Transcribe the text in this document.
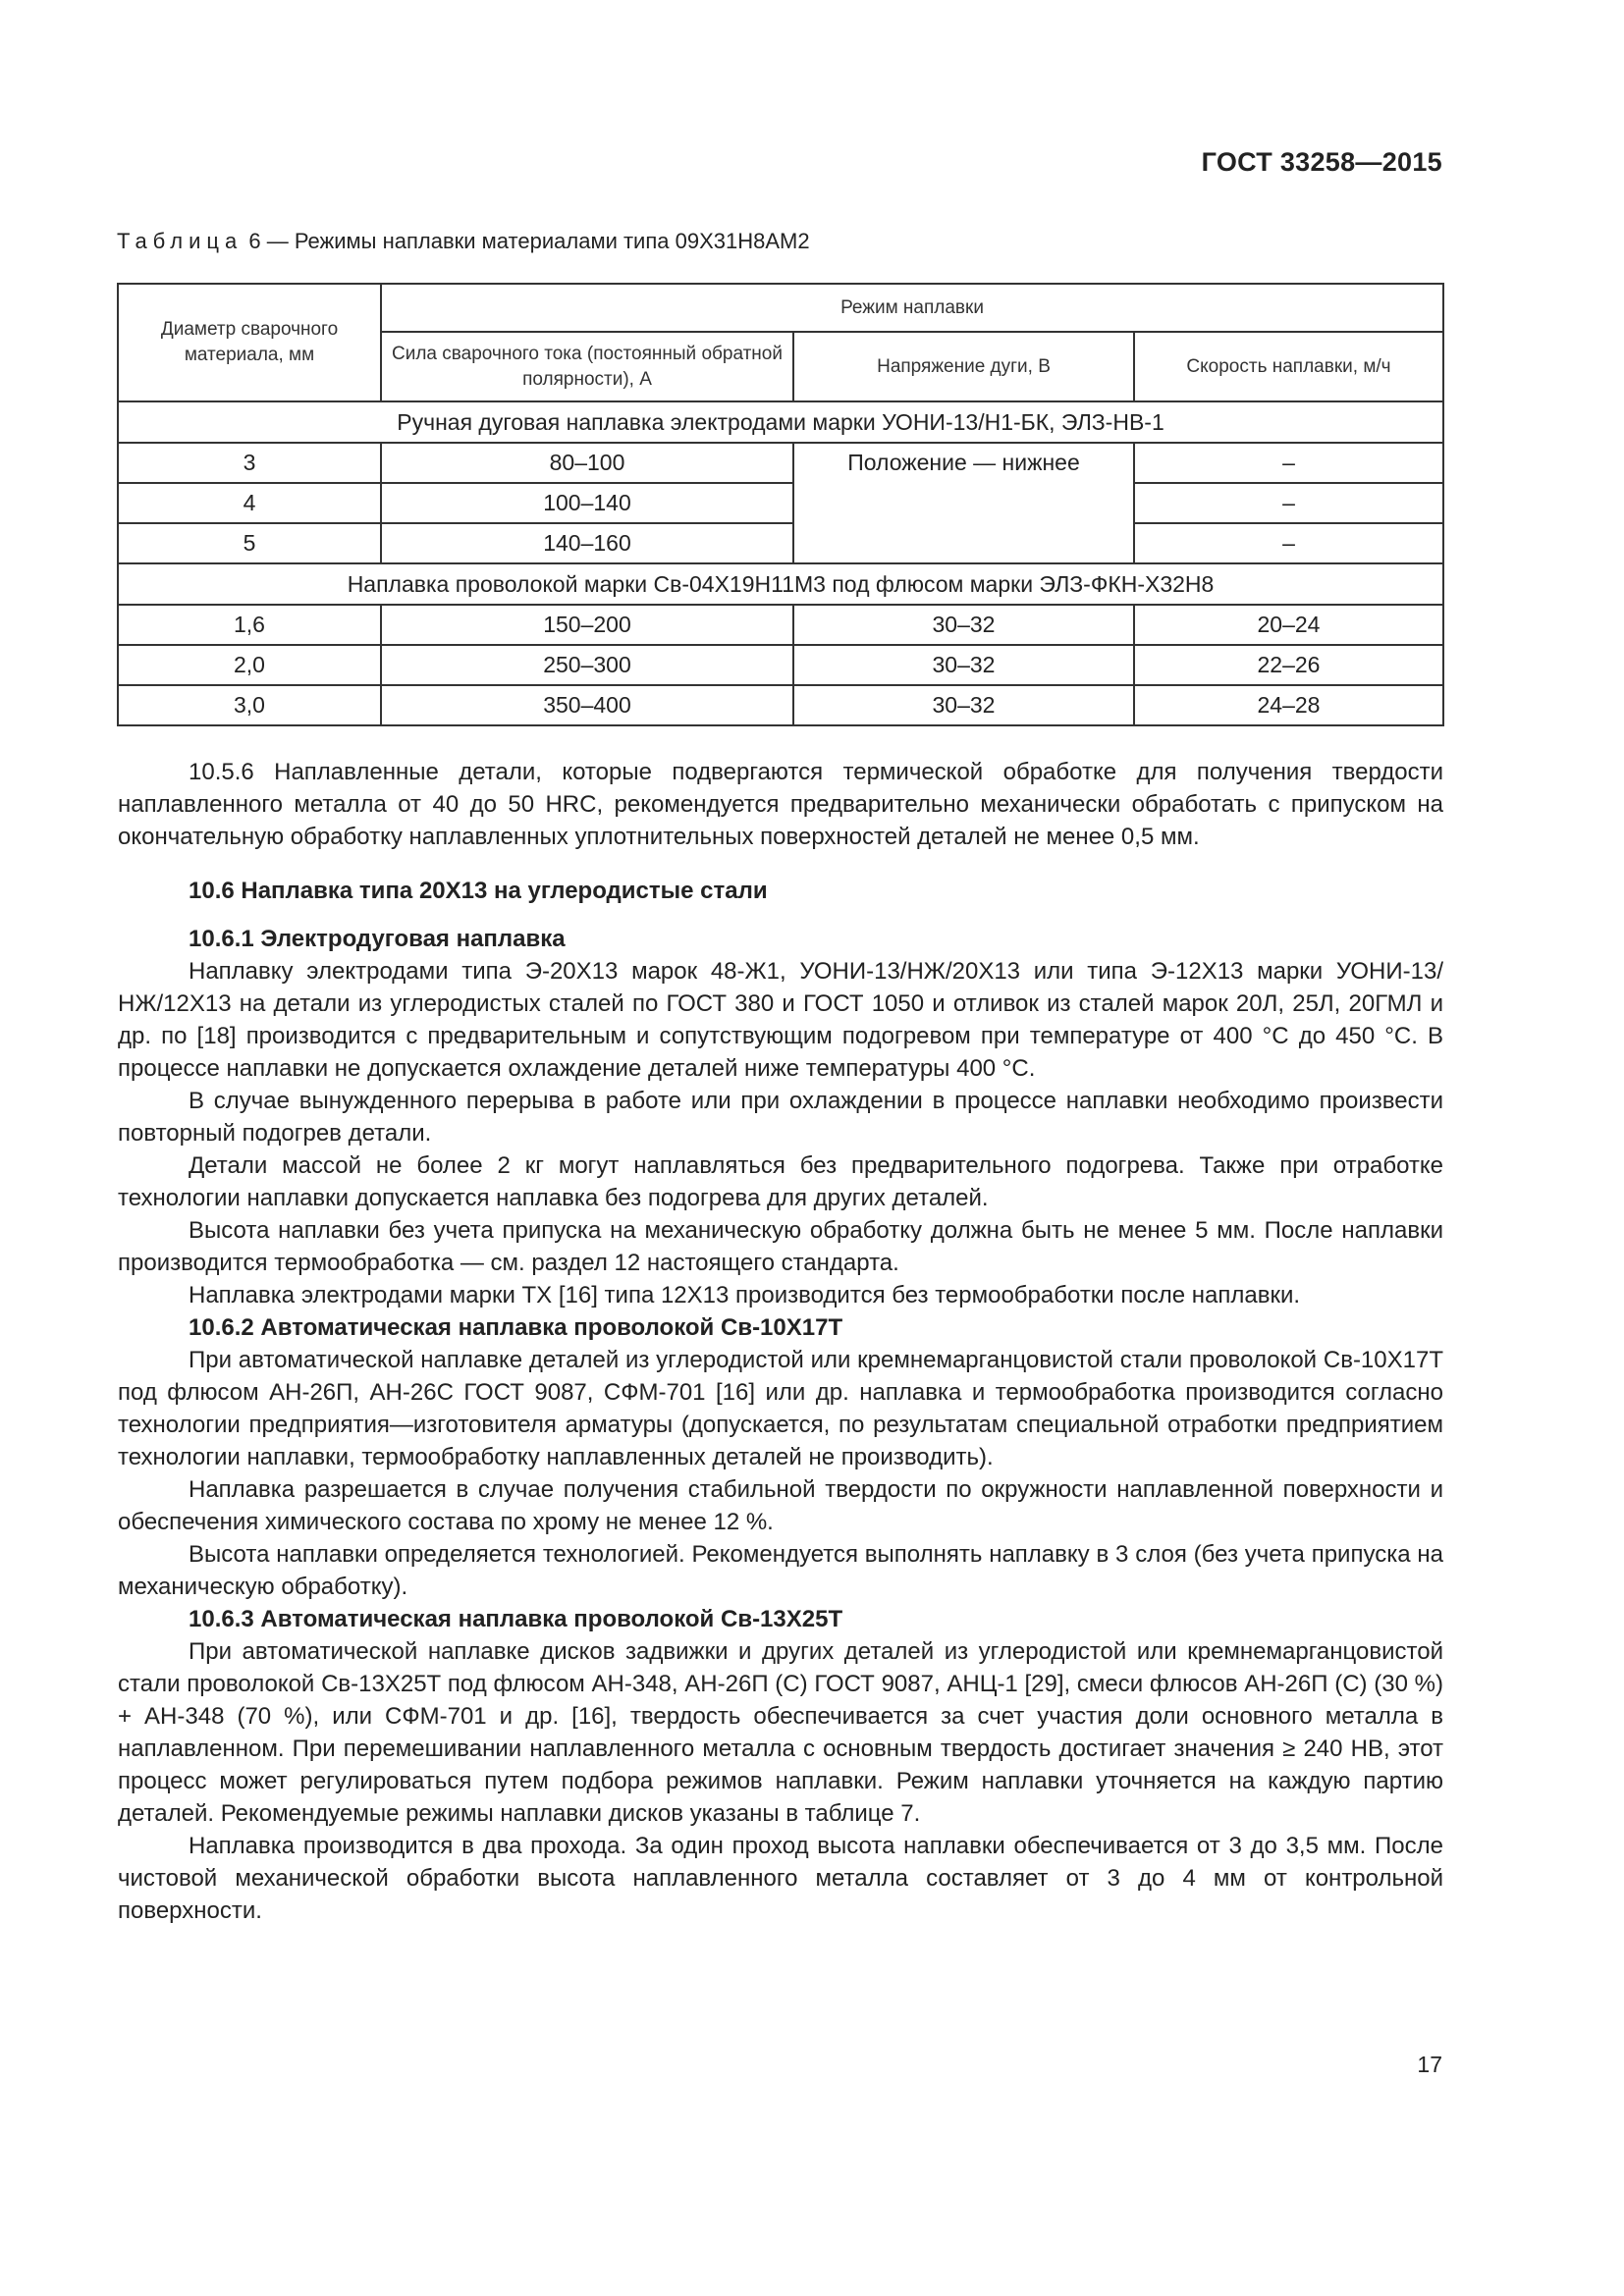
ГОСТ 33258—2015
Таблица 6 — Режимы наплавки материалами типа 09Х31Н8АМ2
Диаметр сварочного материала, мм	Режим наплавки		
	Сила сварочного тока (постоянный обратной полярности), А	Напряжение дуги, В	Скорость наплавки, м/ч
Ручная дуговая наплавка электродами марки УОНИ-13/Н1-БК, ЭЛЗ-НВ-1			
3	80–100	Положение — нижнее	–
4	100–140		–
5	140–160		–
Наплавка проволокой марки Св-04Х19Н11М3 под флюсом марки ЭЛЗ-ФКН-Х32Н8			
1,6	150–200	30–32	20–24
2,0	250–300	30–32	22–26
3,0	350–400	30–32	24–28

10.5.6 Наплавленные детали, которые подвергаются термической обработке для получения твердости наплавленного металла от 40 до 50 HRC, рекомендуется предварительно механически обработать с припуском на окончательную обработку наплавленных уплотнительных поверхностей деталей не менее 0,5 мм.

10.6 Наплавка типа 20Х13 на углеродистые стали
10.6.1 Электродуговая наплавка

Наплавку электродами типа Э-20Х13 марок 48-Ж1, УОНИ-13/НЖ/20Х13 или типа Э-12Х13 марки УОНИ-13/НЖ/12Х13 на детали из углеродистых сталей по ГОСТ 380 и ГОСТ 1050 и отливок из сталей марок 20Л, 25Л, 20ГМЛ и др. по [18] производится с предварительным и сопутствующим подогревом при температуре от 400 °С до 450 °С. В процессе наплавки не допускается охлаждение деталей ниже температуры 400 °С.

В случае вынужденного перерыва в работе или при охлаждении в процессе наплавки необходимо произвести повторный подогрев детали.

Детали массой не более 2 кг могут наплавляться без предварительного подогрева. Также при отработке технологии наплавки допускается наплавка без подогрева для других деталей.

Высота наплавки без учета припуска на механическую обработку должна быть не менее 5 мм. После наплавки производится термообработка — см. раздел 12 настоящего стандарта.

Наплавка электродами марки ТХ [16] типа 12Х13 производится без термообработки после наплавки.

10.6.2 Автоматическая наплавка проволокой Св-10Х17Т

При автоматической наплавке деталей из углеродистой или кремнемарганцовистой стали проволокой Св-10Х17Т под флюсом АН-26П, АН-26С ГОСТ 9087, СФМ-701 [16] или др. наплавка и термообработка производится согласно технологии предприятия—изготовителя арматуры (допускается, по результатам специальной отработки предприятием технологии наплавки, термообработку наплавленных деталей не производить).

Наплавка разрешается в случае получения стабильной твердости по окружности наплавленной поверхности и обеспечения химического состава по хрому не менее 12 %.

Высота наплавки определяется технологией. Рекомендуется выполнять наплавку в 3 слоя (без учета припуска на механическую обработку).

10.6.3 Автоматическая наплавка проволокой Св-13Х25Т

При автоматической наплавке дисков задвижки и других деталей из углеродистой или кремнемарганцовистой стали проволокой Св-13Х25Т под флюсом АН-348, АН-26П (С) ГОСТ 9087, АНЦ-1 [29], смеси флюсов АН-26П (С) (30 %) + АН-348 (70 %), или СФМ-701 и др. [16], твердость обеспечивается за счет участия доли основного металла в наплавленном. При перемешивании наплавленного металла с основным твердость достигает значения ≥ 240 НВ, этот процесс может регулироваться путем подбора режимов наплавки. Режим наплавки уточняется на каждую партию деталей. Рекомендуемые режимы наплавки дисков указаны в таблице 7.

Наплавка производится в два прохода. За один проход высота наплавки обеспечивается от 3 до 3,5 мм. После чистовой механической обработки высота наплавленного металла составляет от 3 до 4 мм от контрольной поверхности.

17
